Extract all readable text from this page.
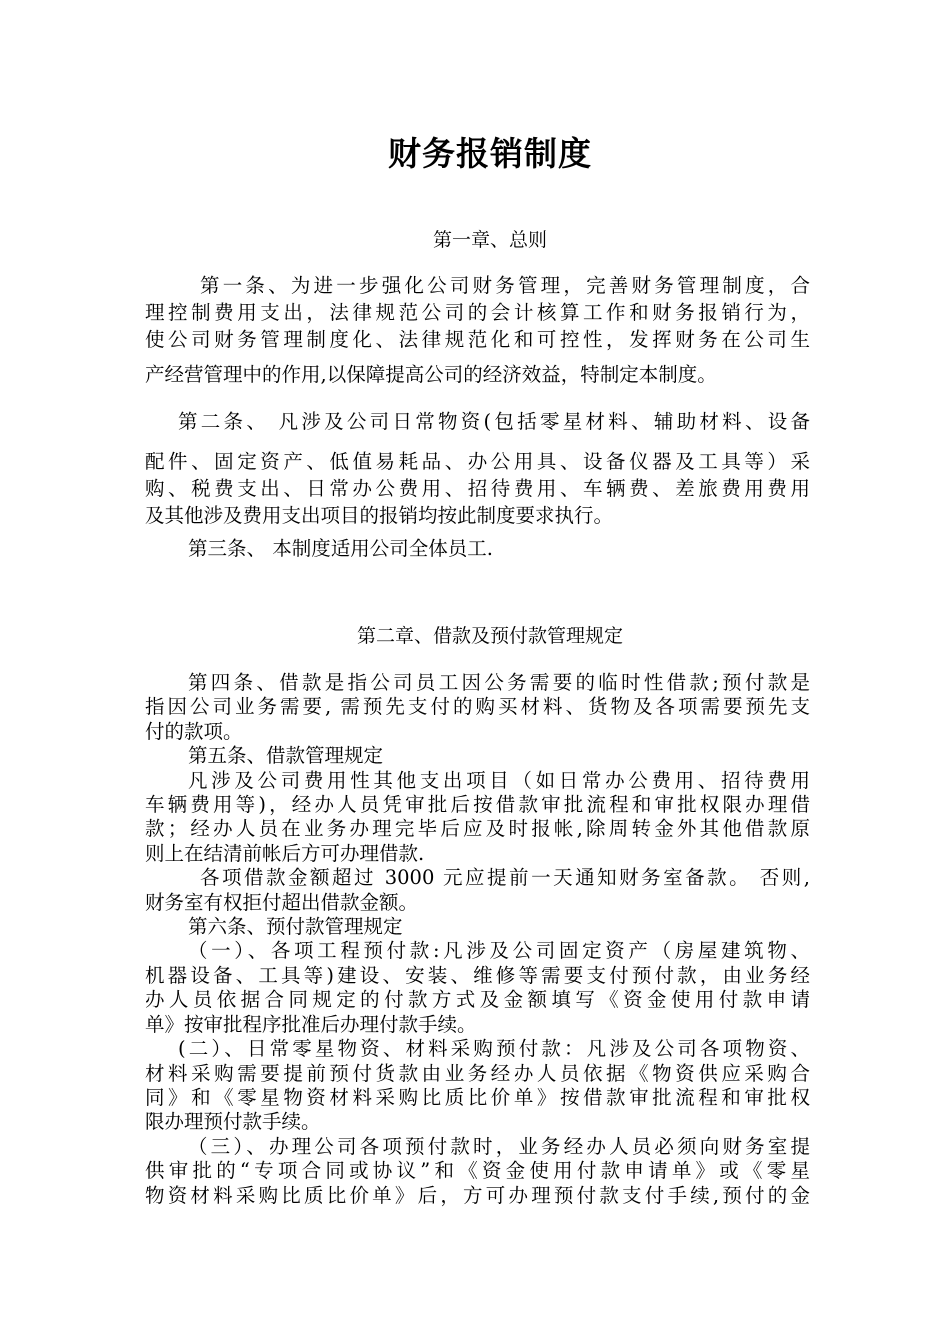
财务报销制度
第一章、总则
第一条、为进一步强化公司财务管理，完善财务管理制度，合
理控制费用支出，法律规范公司的会计核算工作和财务报销行为，
使公司财务管理制度化、法律规范化和可控性，发挥财务在公司生
产经营管理中的作用,以保障提高公司的经济效益，特制定本制度。
第二条、 凡涉及公司日常物资(包括零星材料、辅助材料、设备
配件、固定资产、低值易耗品、办公用具、设备仪器及工具等）采
购、税费支出、日常办公费用、招待费用、车辆费、差旅费用费用
及其他涉及费用支出项目的报销均按此制度要求执行。
第三条、 本制度适用公司全体员工.
第二章、借款及预付款管理规定
第四条、借款是指公司员工因公务需要的临时性借款;预付款是
指因公司业务需要, 需预先支付的购买材料、货物及各项需要预先支
付的款项。
第五条、借款管理规定
凡涉及公司费用性其他支出项目（如日常办公费用、招待费用
车辆费用等)，经办人员凭审批后按借款审批流程和审批权限办理借
款；经办人员在业务办理完毕后应及时报帐,除周转金外其他借款原
则上在结清前帐后方可办理借款.
各项借款金额超过 3000 元应提前一天通知财务室备款。 否则,
财务室有权拒付超出借款金额。
第六条、预付款管理规定
（一）、各项工程预付款:凡涉及公司固定资产（房屋建筑物、
机器设备、工具等)建设、安装、维修等需要支付预付款，由业务经
办人员依据合同规定的付款方式及金额填写《资金使用付款申请
单》按审批程序批准后办理付款手续。
(二）、日常零星物资、材料采购预付款：凡涉及公司各项物资、
材料采购需要提前预付货款由业务经办人员依据《物资供应采购合
同》和《零星物资材料采购比质比价单》按借款审批流程和审批权
限办理预付款手续。
（三）、办理公司各项预付款时，业务经办人员必须向财务室提
供审批的“专项合同或协议”和《资金使用付款申请单》或《零星
物资材料采购比质比价单》后，方可办理预付款支付手续,预付的金
